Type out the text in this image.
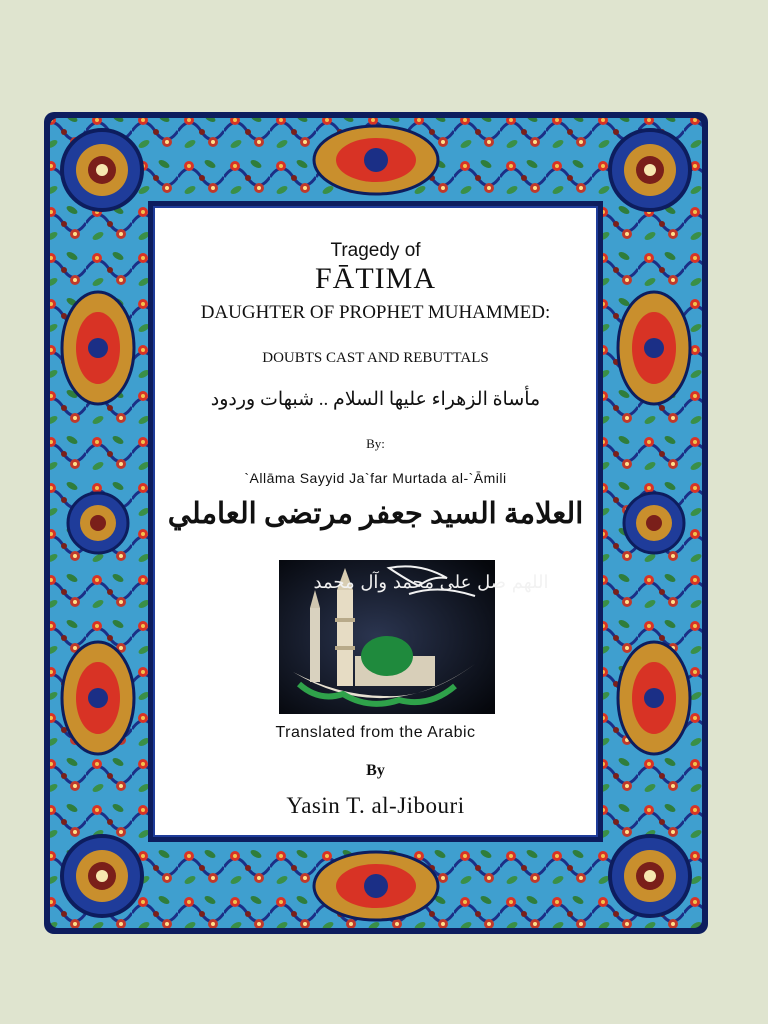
Tragedy of
FĀTIMA
DAUGHTER OF PROPHET MUHAMMED:
DOUBTS CAST AND REBUTTALS
مأساة الزهراء عليها السلام .. شبهات وردود
By:
`Allāma Sayyid Ja`far Murtada al-`Āmili
العلامة السيد جعفر مرتضى العاملي
اللهم صل على محمد وآل محمد
Translated from the Arabic
By
Yasin T. al-Jibouri
